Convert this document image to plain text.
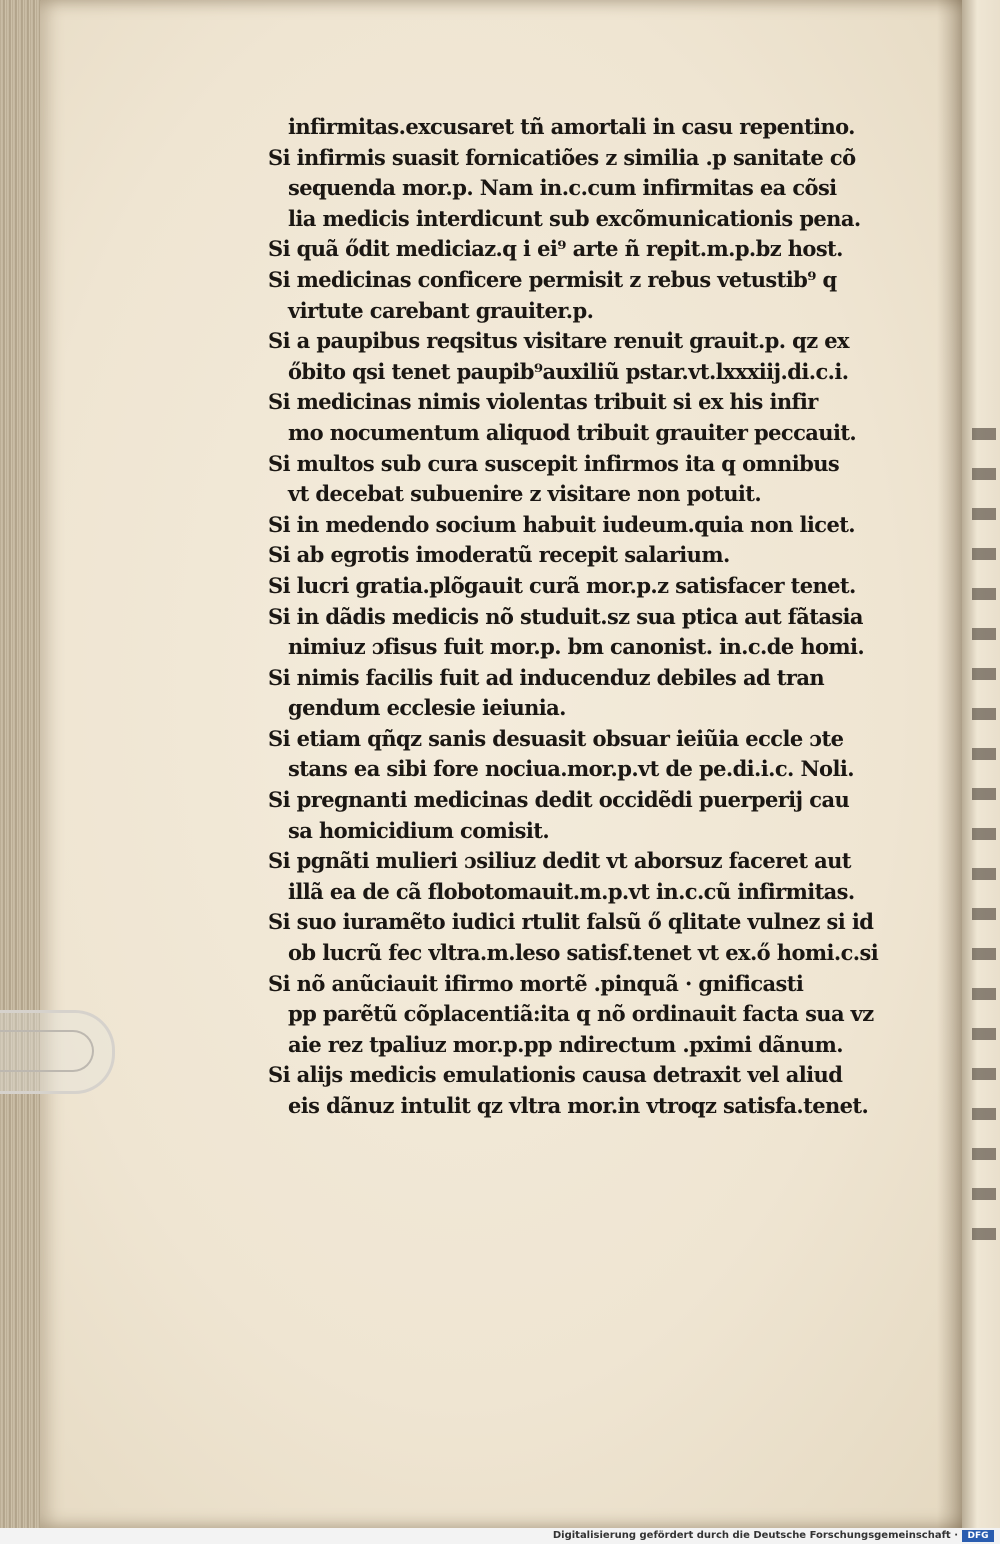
infirmitas.excusaret tñ amortali in casu repentino.
Si infirmis suasit fornicatiões z similia .p sanitate cõ
sequenda mor.p. Nam in.c.cum infirmitas ea cõsi
lia medicis interdicunt sub excõmunicationis pena.
Si quã ődit mediciaz.q i ei⁹ arte ñ repit.m.p.bz host.
Si medicinas conficere permisit z rebus vetustib⁹ q
virtute carebant grauiter.p.
Si a paupibus reqsitus visitare renuit grauit.p. qz ex
őbito qsi tenet paupib⁹auxiliũ pstar.vt.lxxxiij.di.c.i.
Si medicinas nimis violentas tribuit si ex his infir
mo nocumentum aliquod tribuit grauiter peccauit.
Si multos sub cura suscepit infirmos ita q omnibus
vt decebat subuenire z visitare non potuit.
Si in medendo socium habuit iudeum.quia non licet.
Si ab egrotis imoderatũ recepit salarium.
Si lucri gratia.plõgauit curã mor.p.z satisfacer tenet.
Si in dãdis medicis nõ studuit.sz sua ptica aut fãtasia
nimiuz ɔfisus fuit mor.p. bm canonist. in.c.de homi.
Si nimis facilis fuit ad inducenduz debiles ad tran
gendum ecclesie ieiunia.
Si etiam qñqz sanis desuasit obsuar ieiũia eccle ɔte
stans ea sibi fore nociua.mor.p.vt de pe.di.i.c. Noli.
Si pregnanti medicinas dedit occidẽdi puerperij cau
sa homicidium comisit.
Si pgnãti mulieri ɔsiliuz dedit vt aborsuz faceret aut
illã ea de cã flobotomauit.m.p.vt in.c.cũ infirmitas.
Si suo iuramẽto iudici rtulit falsũ ő qlitate vulnez si id
ob lucrũ fec vltra.m.leso satisf.tenet vt ex.ő homi.c.si
Si nõ anũciauit ifirmo mortẽ .pinquã · gnificasti
pp parẽtũ cõplacentiã:ita q nõ ordinauit facta sua vz
aie rez tpaliuz mor.p.pp ndirectum .pximi dãnum.
Si alijs medicis emulationis causa detraxit vel aliud
eis dãnuz intulit qz vltra mor.in vtroqz satisfa.tenet.
Digitalisierung gefördert durch die Deutsche Forschungsgemeinschaft ·	DFG
